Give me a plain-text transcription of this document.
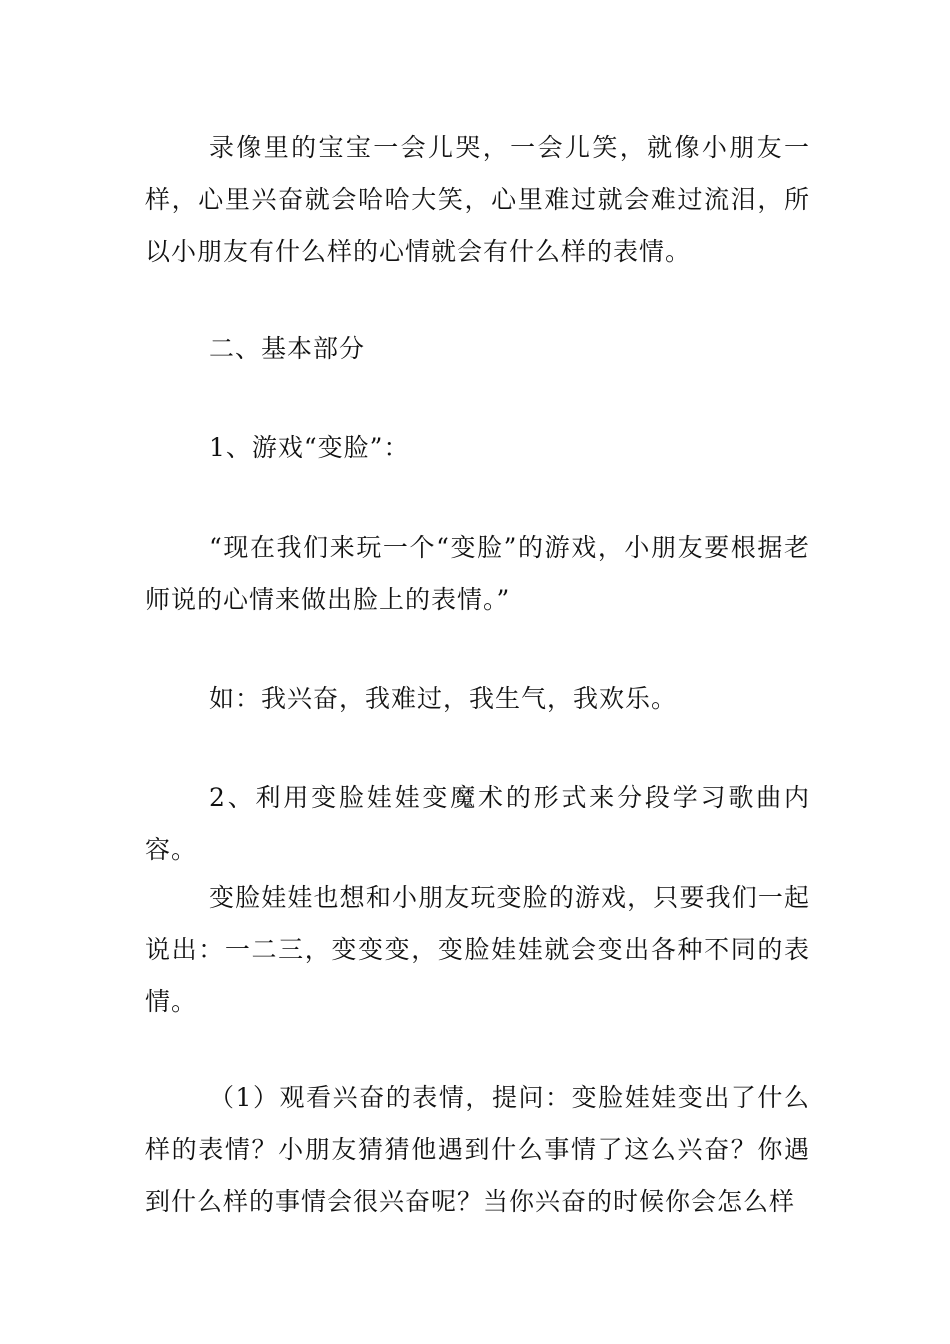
录像里的宝宝一会儿哭，一会儿笑，就像小朋友一样，心里兴奋就会哈哈大笑，心里难过就会难过流泪，所以小朋友有什么样的心情就会有什么样的表情。

二、基本部分

1、游戏“变脸”：

“现在我们来玩一个“变脸”的游戏，小朋友要根据老师说的心情来做出脸上的表情。”

如：我兴奋，我难过，我生气，我欢乐。

2、利用变脸娃娃变魔术的形式来分段学习歌曲内容。

变脸娃娃也想和小朋友玩变脸的游戏，只要我们一起说出：一二三，变变变，变脸娃娃就会变出各种不同的表情。

（1）观看兴奋的表情，提问：变脸娃娃变出了什么样的表情？小朋友猜猜他遇到什么事情了这么兴奋？你遇到什么样的事情会很兴奋呢？当你兴奋的时候你会怎么样
